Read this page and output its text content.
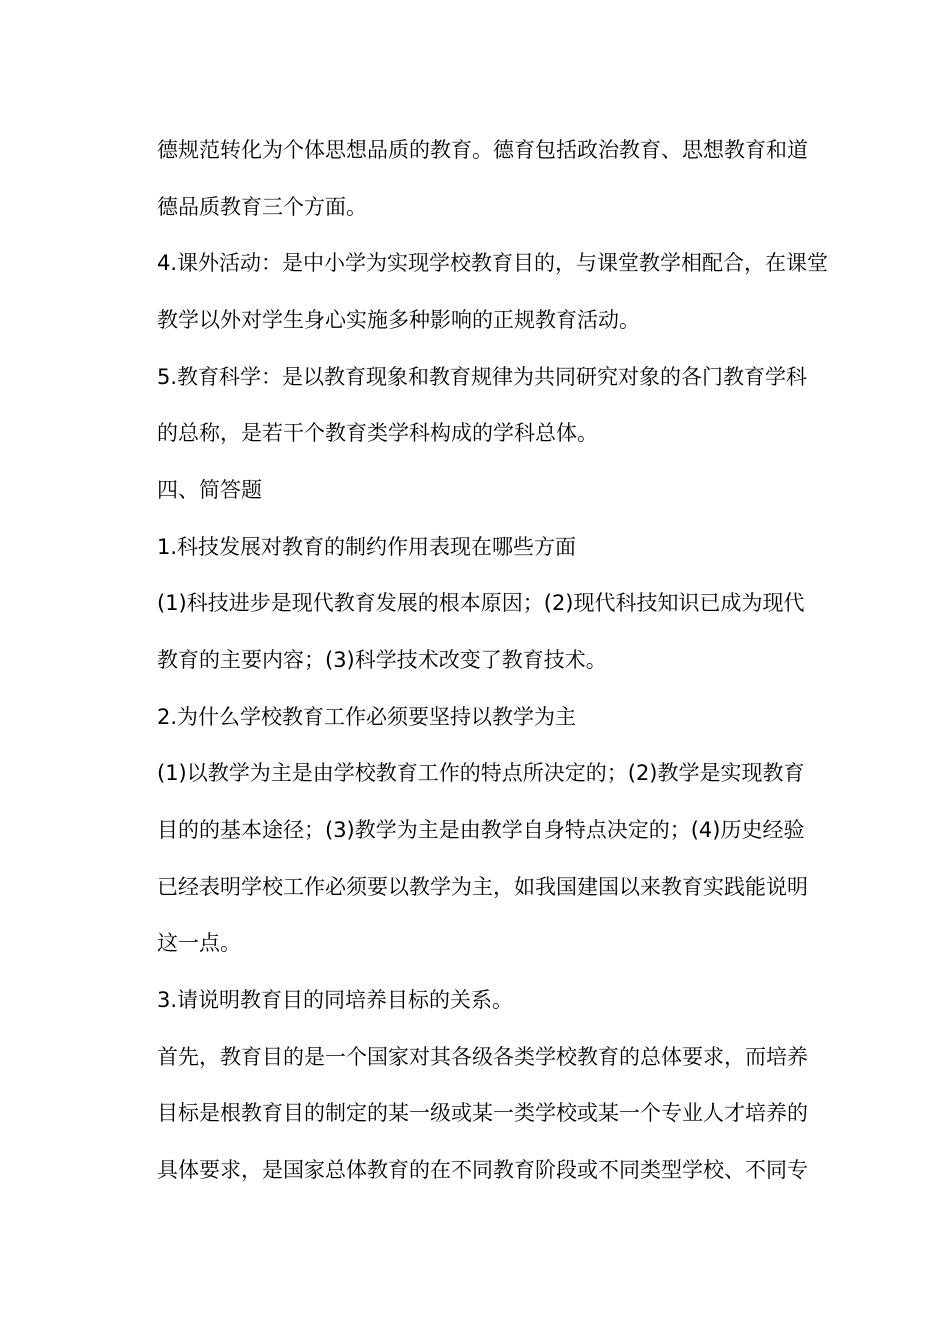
德规范转化为个体思想品质的教育。德育包括政治教育、思想教育和道
德品质教育三个方面。
4.课外活动：是中小学为实现学校教育目的，与课堂教学相配合，在课堂
教学以外对学生身心实施多种影响的正规教育活动。
5.教育科学：是以教育现象和教育规律为共同研究对象的各门教育学科
的总称，是若干个教育类学科构成的学科总体。
四、简答题
1.科技发展对教育的制约作用表现在哪些方面
(1)科技进步是现代教育发展的根本原因；(2)现代科技知识已成为现代
教育的主要内容；(3)科学技术改变了教育技术。
2.为什么学校教育工作必须要坚持以教学为主
(1)以教学为主是由学校教育工作的特点所决定的；(2)教学是实现教育
目的的基本途径；(3)教学为主是由教学自身特点决定的；(4)历史经验
已经表明学校工作必须要以教学为主，如我国建国以来教育实践能说明
这一点。
3.请说明教育目的同培养目标的关系。
首先，教育目的是一个国家对其各级各类学校教育的总体要求，而培养
目标是根教育目的制定的某一级或某一类学校或某一个专业人才培养的
具体要求，是国家总体教育的在不同教育阶段或不同类型学校、不同专
